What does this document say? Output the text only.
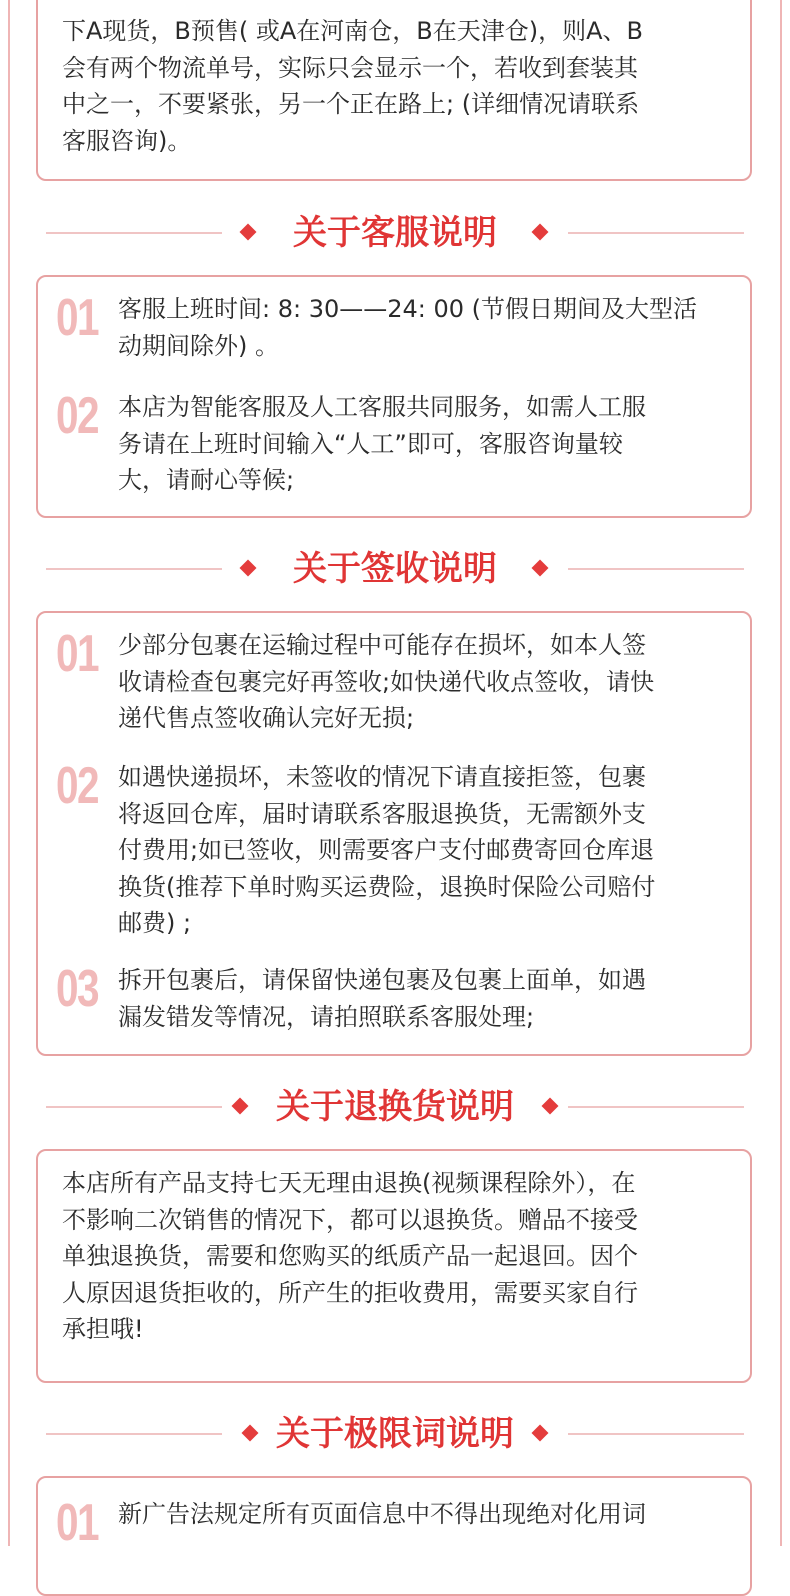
下A现货，B预售( 或A在河南仓，B在天津仓)，则A、B
会有两个物流单号，实际只会显示一个，若收到套装其
中之一，不要紧张，另一个正在路上; (详细情况请联系
客服咨询)。
关于客服说明
01 客服上班时间: 8: 30——24: 00 (节假日期间及大型活
动期间除外) 。
02 本店为智能客服及人工客服共同服务，如需人工服
务请在上班时间输入“人工”即可，客服咨询量较
大，请耐心等候;
关于签收说明
01 少部分包裹在运输过程中可能存在损坏，如本人签
收请检查包裹完好再签收;如快递代收点签收，请快
递代售点签收确认完好无损;
02 如遇快递损坏，未签收的情况下请直接拒签，包裹
将返回仓库，届时请联系客服退换货，无需额外支
付费用;如已签收，则需要客户支付邮费寄回仓库退
换货(推荐下单时购买运费险，退换时保险公司赔付
邮费) ;
03 拆开包裹后，请保留快递包裹及包裹上面单，如遇
漏发错发等情况，请拍照联系客服处理;
关于退换货说明
本店所有产品支持七天无理由退换(视频课程除外），在
不影响二次销售的情况下，都可以退换货。赠品不接受
单独退换货，需要和您购买的纸质产品一起退回。因个
人原因退货拒收的，所产生的拒收费用，需要买家自行
承担哦!
关于极限词说明
01 新广告法规定所有页面信息中不得出现绝对化用词
